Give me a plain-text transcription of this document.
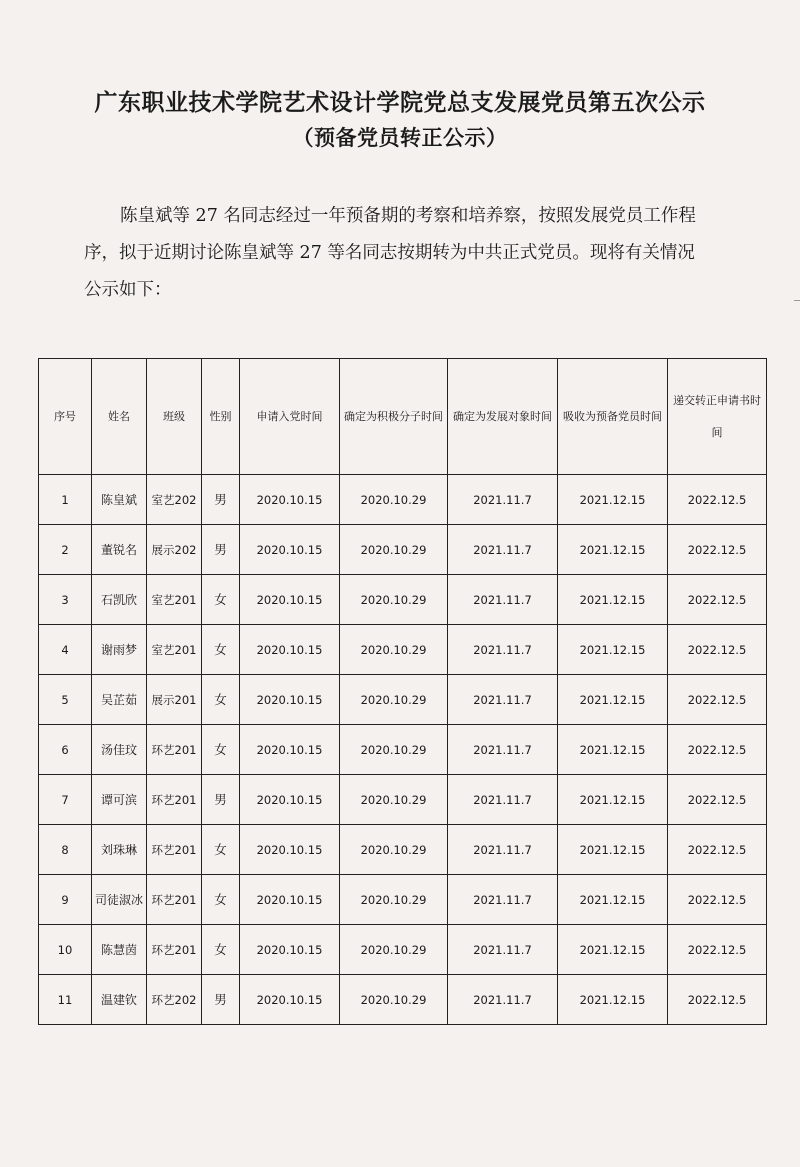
广东职业技术学院艺术设计学院党总支发展党员第五次公示
（预备党员转正公示）
陈皇斌等 27 名同志经过一年预备期的考察和培养察，按照发展党员工作程
序，拟于近期讨论陈皇斌等 27 等名同志按期转为中共正式党员。现将有关情况
公示如下：
序号	姓名	班级	性别	申请入党时间	确定为积极分子时间	确定为发展对象时间	吸收为预备党员时间	递交转正申请书时间
1	陈皇斌	室艺202	男	2020.10.15	2020.10.29	2021.11.7	2021.12.15	2022.12.5
2	董锐名	展示202	男	2020.10.15	2020.10.29	2021.11.7	2021.12.15	2022.12.5
3	石凯欣	室艺201	女	2020.10.15	2020.10.29	2021.11.7	2021.12.15	2022.12.5
4	谢雨梦	室艺201	女	2020.10.15	2020.10.29	2021.11.7	2021.12.15	2022.12.5
5	吴芷茹	展示201	女	2020.10.15	2020.10.29	2021.11.7	2021.12.15	2022.12.5
6	汤佳玟	环艺201	女	2020.10.15	2020.10.29	2021.11.7	2021.12.15	2022.12.5
7	谭可滨	环艺201	男	2020.10.15	2020.10.29	2021.11.7	2021.12.15	2022.12.5
8	刘珠琳	环艺201	女	2020.10.15	2020.10.29	2021.11.7	2021.12.15	2022.12.5
9	司徒淑冰	环艺201	女	2020.10.15	2020.10.29	2021.11.7	2021.12.15	2022.12.5
10	陈慧茵	环艺201	女	2020.10.15	2020.10.29	2021.11.7	2021.12.15	2022.12.5
11	温建钦	环艺202	男	2020.10.15	2020.10.29	2021.11.7	2021.12.15	2022.12.5
